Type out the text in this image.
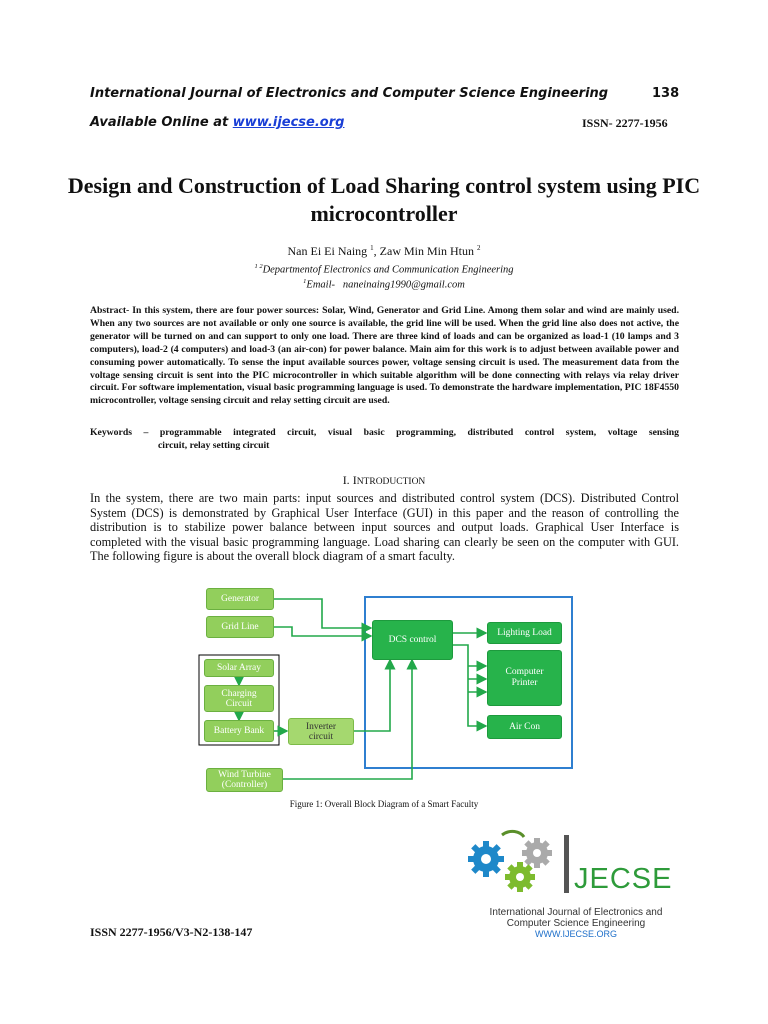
International Journal of Electronics and Computer Science Engineering	138
Available Online at www.ijecse.org	ISSN- 2277-1956
Design and Construction of Load Sharing control system using PIC microcontroller
Nan Ei Ei Naing $^1$, Zaw Min Min Htun $^2$
$^{1 2}$Departmentof Electronics and Communication Engineering
$^1$Email- naneinaing1990@gmail.com
Abstract- In this system, there are four power sources: Solar, Wind, Generator and Grid Line. Among them solar and wind are mainly used. When any two sources are not available or only one source is available, the grid line will be used. When the grid line also does not active, the generator will be turned on and can support to only one load. There are three kind of loads and can be organized as load-1 (10 lamps and 3 computers), load-2 (4 computers) and load-3 (an air-con) for power balance. Main aim for this work is to adjust between available power and consuming power automatically. To sense the input available sources power, voltage sensing circuit is used. The measurement data from the voltage sensing circuit is sent into the PIC microcontroller in which suitable algorithm will be done connecting with relays via relay driver circuit. For software implementation, visual basic programming language is used. To demonstrate the hardware implementation, PIC 18F4550 microcontroller, voltage sensing circuit and relay setting circuit are used.
Keywords – programmable integrated circuit, visual basic programming, distributed control system, voltage sensing
circuit, relay setting circuit
I. INTRODUCTION
In the system, there are two main parts: input sources and distributed control system (DCS). Distributed Control System (DCS) is demonstrated by Graphical User Interface (GUI) in this paper and the reason of controlling the distribution is to stabilize power balance between input sources and output loads. Graphical User Interface is completed with the visual basic programming language. Load sharing can clearly be seen on the computer with GUI. The following figure is about the overall block diagram of a smart faculty.
Generator
Grid Line
Solar Array
Charging
Circuit
Battery Bank	Inverter
circuit
DCS control
Lighting Load
Computer
Printer
Air Con
Wind Turbine
(Controller)
Figure 1: Overall Block Diagram of a Smart Faculty
JECSE
International Journal of Electronics and
Computer Science Engineering
WWW.IJECSE.ORG
ISSN 2277-1956/V3-N2-138-147
